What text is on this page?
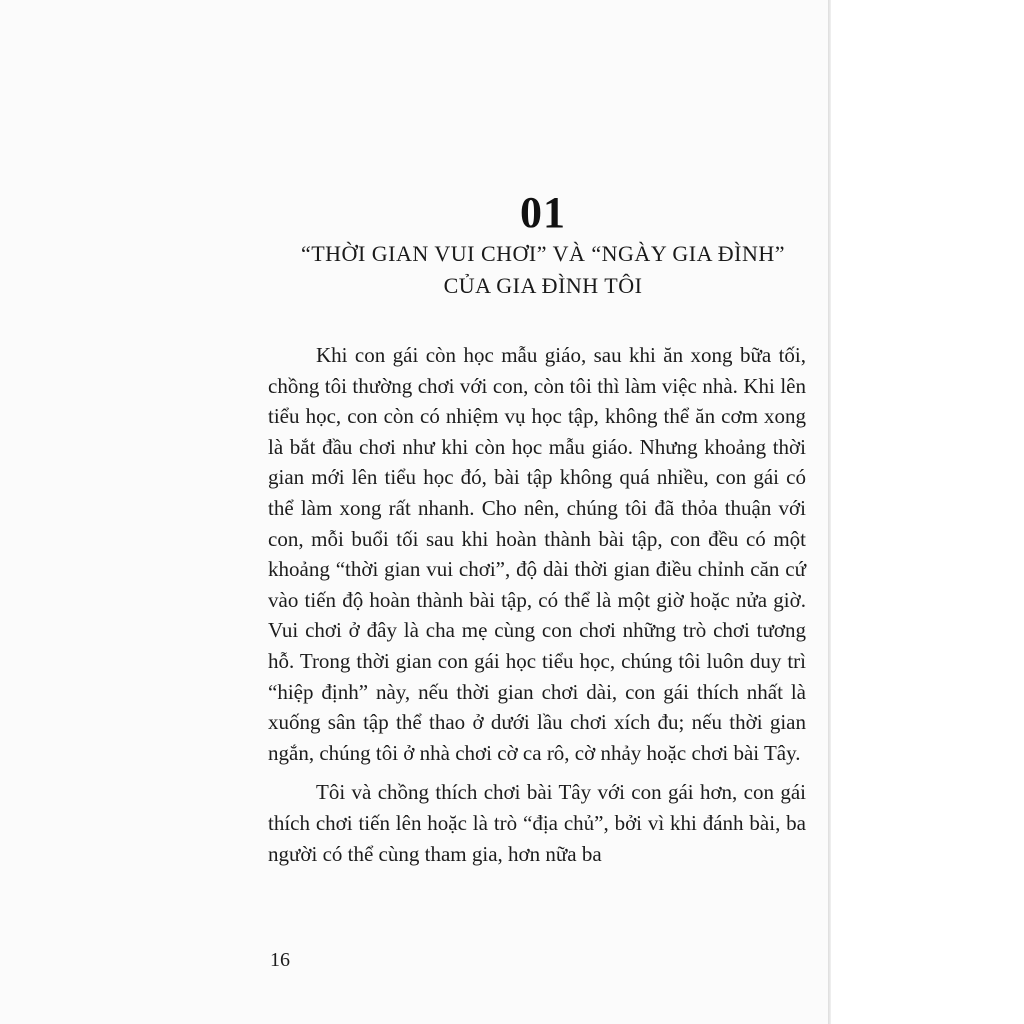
01
“THỜI GIAN VUI CHƠI” VÀ “NGÀY GIA ĐÌNH”
CỦA GIA ĐÌNH TÔI

Khi con gái còn học mẫu giáo, sau khi ăn xong bữa tối, chồng tôi thường chơi với con, còn tôi thì làm việc nhà. Khi lên tiểu học, con còn có nhiệm vụ học tập, không thể ăn cơm xong là bắt đầu chơi như khi còn học mẫu giáo. Nhưng khoảng thời gian mới lên tiểu học đó, bài tập không quá nhiều, con gái có thể làm xong rất nhanh. Cho nên, chúng tôi đã thỏa thuận với con, mỗi buổi tối sau khi hoàn thành bài tập, con đều có một khoảng “thời gian vui chơi”, độ dài thời gian điều chỉnh căn cứ vào tiến độ hoàn thành bài tập, có thể là một giờ hoặc nửa giờ. Vui chơi ở đây là cha mẹ cùng con chơi những trò chơi tương hỗ. Trong thời gian con gái học tiểu học, chúng tôi luôn duy trì “hiệp định” này, nếu thời gian chơi dài, con gái thích nhất là xuống sân tập thể thao ở dưới lầu chơi xích đu; nếu thời gian ngắn, chúng tôi ở nhà chơi cờ ca rô, cờ nhảy hoặc chơi bài Tây.

Tôi và chồng thích chơi bài Tây với con gái hơn, con gái thích chơi tiến lên hoặc là trò “địa chủ”, bởi vì khi đánh bài, ba người có thể cùng tham gia, hơn nữa ba

16
